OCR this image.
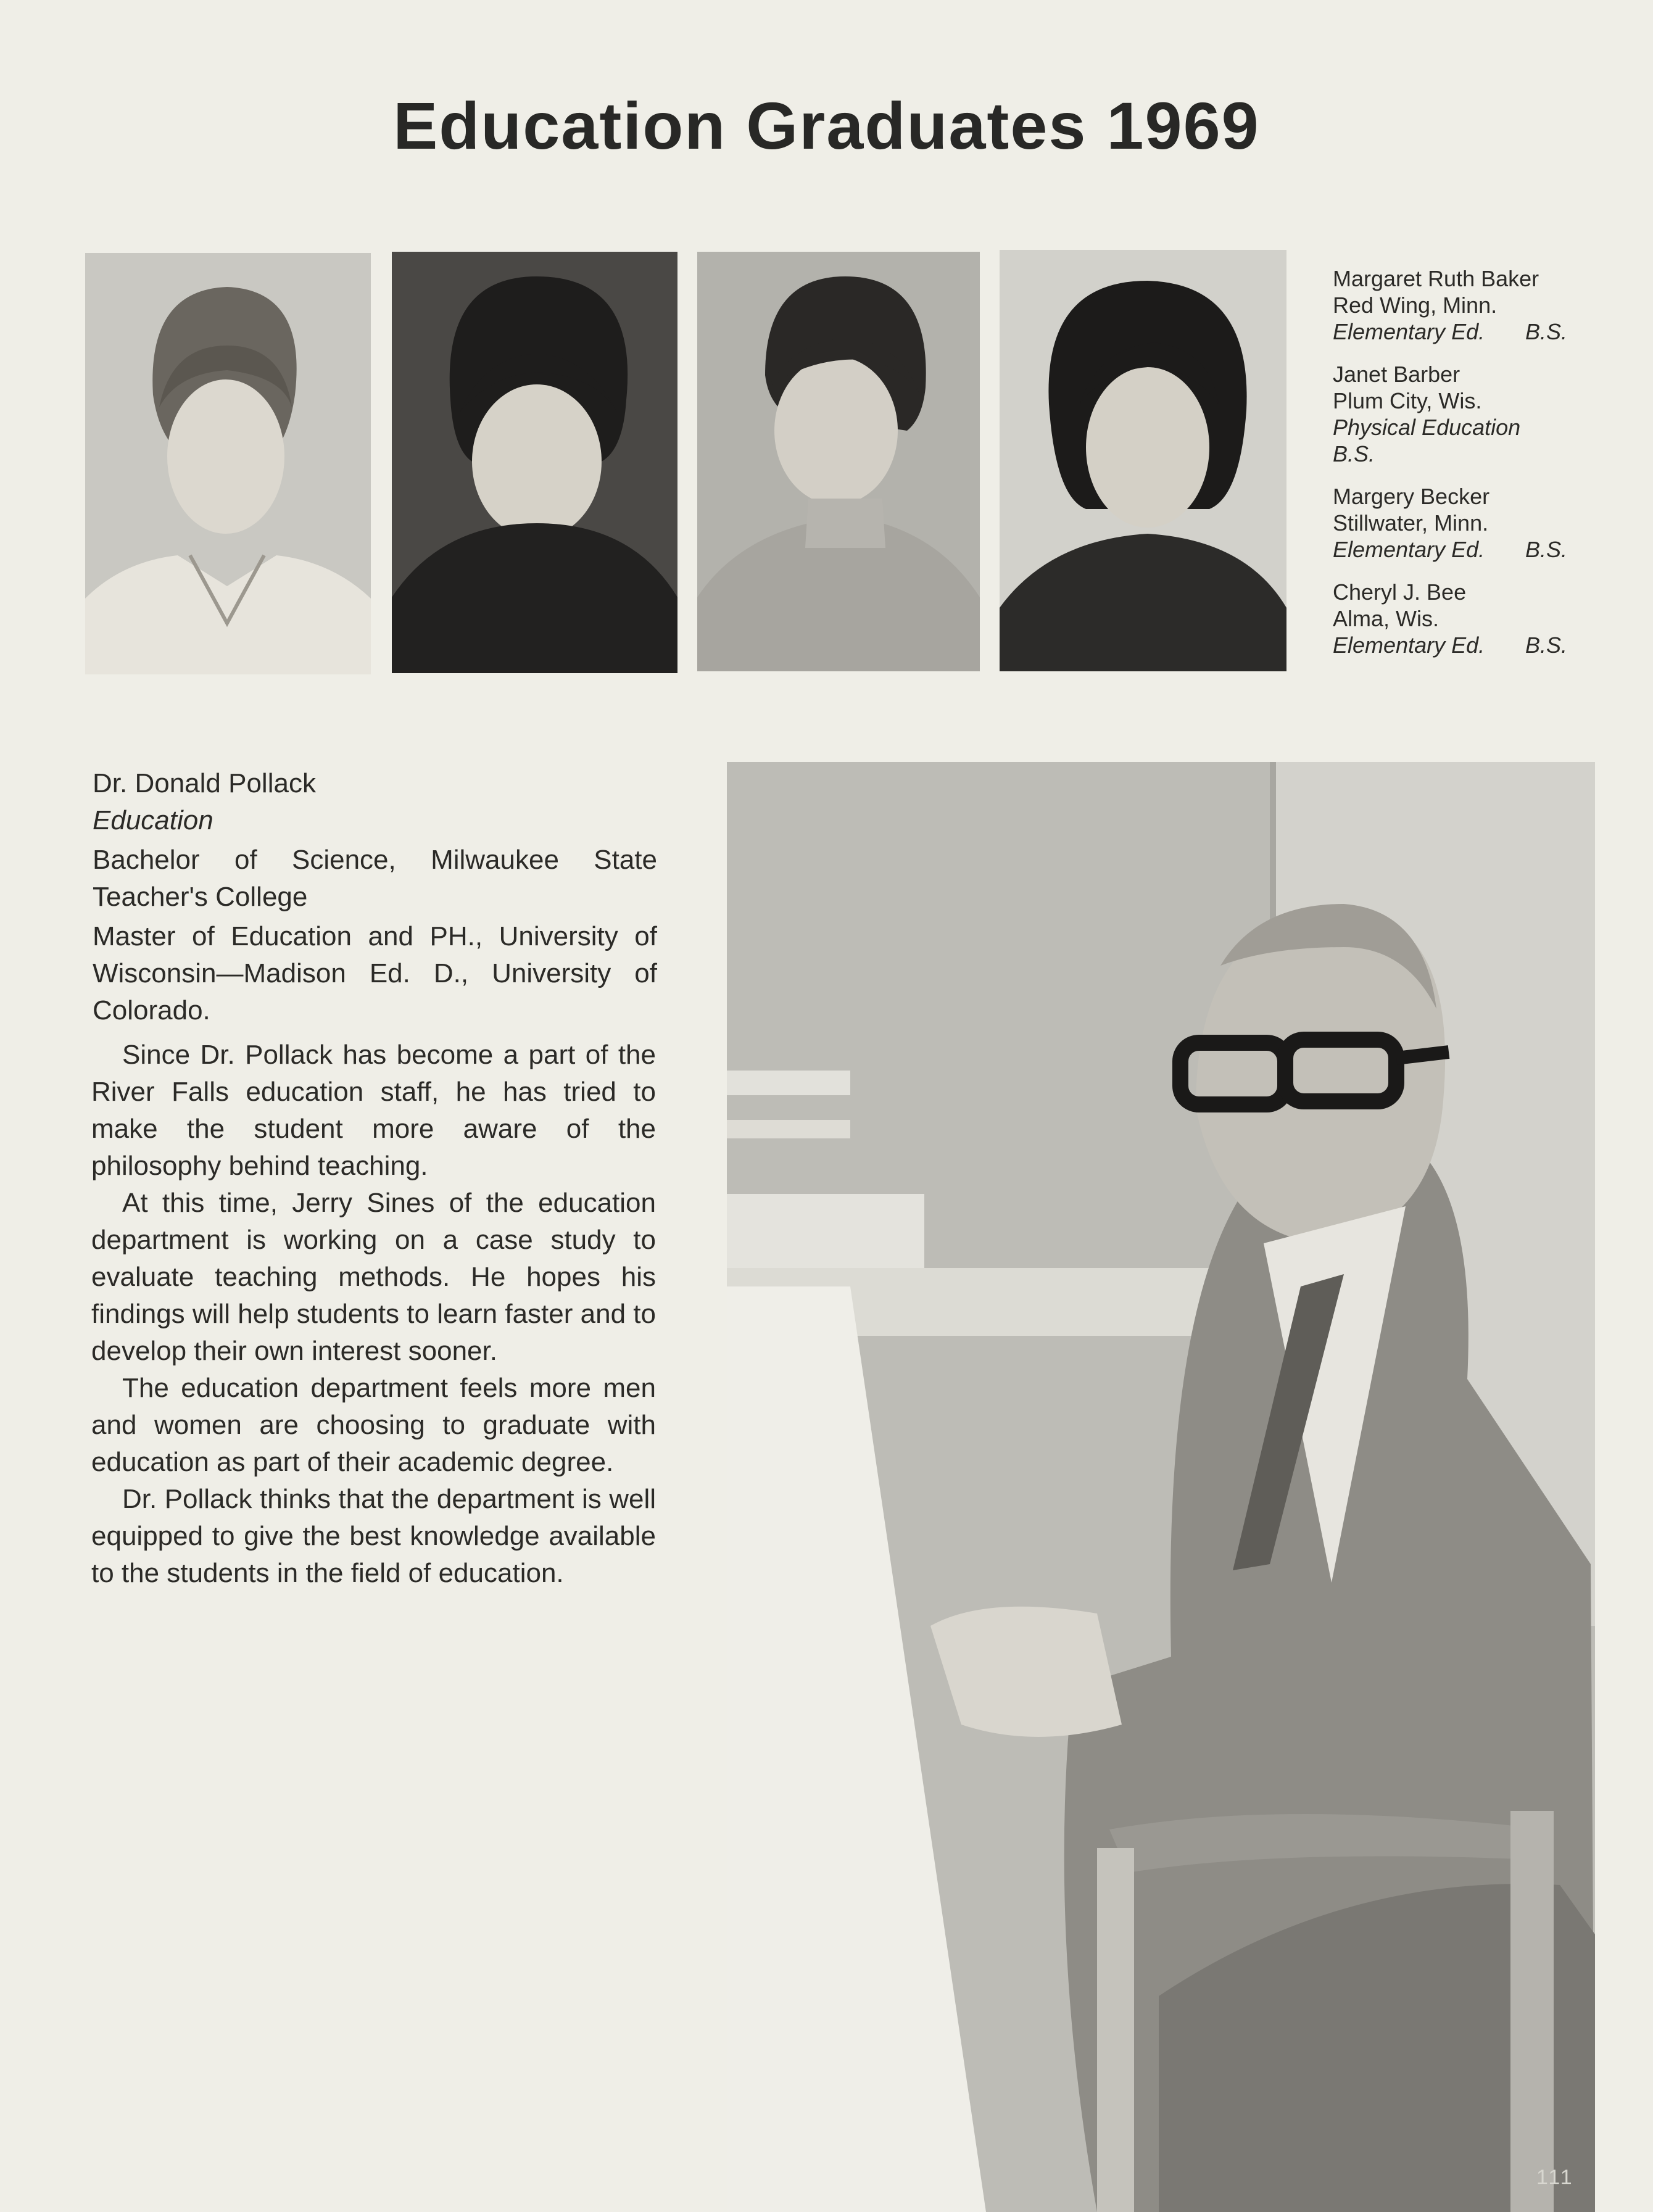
Education Graduates 1969
Margaret Ruth Baker
Red Wing, Minn.
Elementary Ed. B.S.
Janet Barber
Plum City, Wis.
Physical Education
B.S.
Margery Becker
Stillwater, Minn.
Elementary Ed. B.S.
Cheryl J. Bee
Alma, Wis.
Elementary Ed. B.S.
Dr. Donald Pollack
Education
Bachelor of Science, Milwaukee State Teacher's College
Master of Education and PH., University of Wisconsin—Madison Ed. D., University of Colorado.

Since Dr. Pollack has become a part of the River Falls education staff, he has tried to make the student more aware of the philosophy behind teaching.

At this time, Jerry Sines of the education department is working on a case study to evaluate teaching methods. He hopes his findings will help students to learn faster and to develop their own interest sooner.

The education department feels more men and women are choosing to graduate with education as part of their academic degree.

Dr. Pollack thinks that the department is well equipped to give the best knowledge available to the students in the field of education.

111
